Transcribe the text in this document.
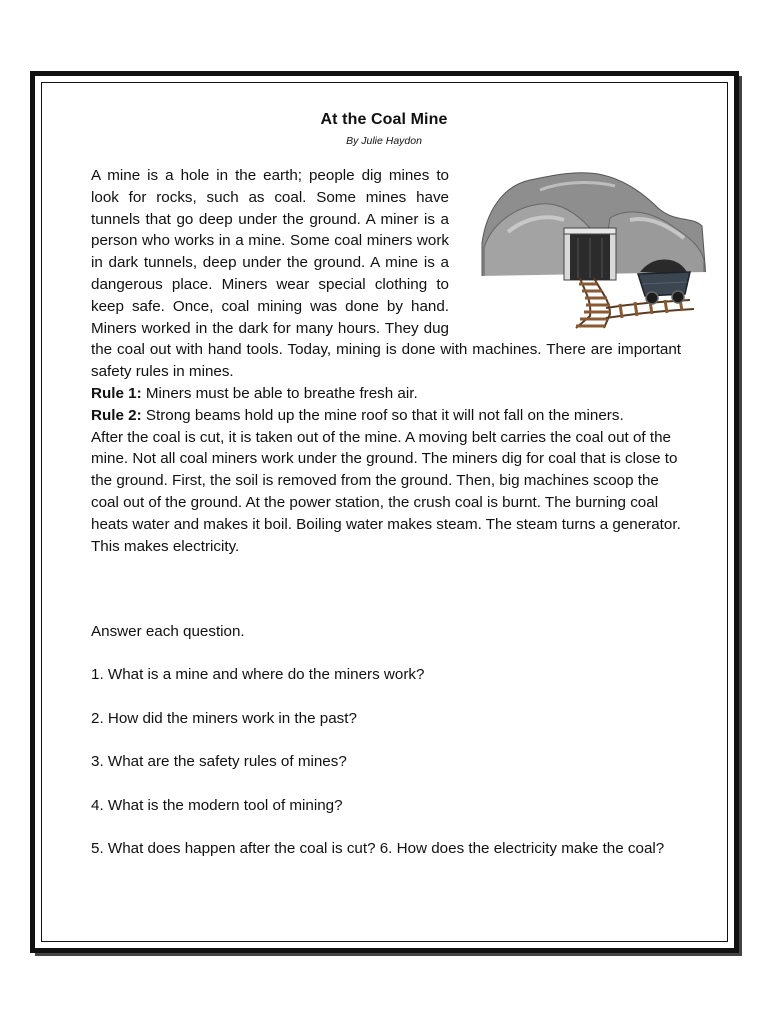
At the Coal Mine
By Julie Haydon

A mine is a hole in the earth; people dig mines to look for rocks, such as coal. Some mines have tunnels that go deep under the ground. A miner is a person who works in a mine. Some coal miners work in dark tunnels, deep under the ground. A mine is a dangerous place. Miners wear special clothing to keep safe. Once, coal mining was done by hand. Miners worked in the dark for many hours. They dug the coal out with hand tools. Today, mining is done with machines. There are important safety rules in mines.

Rule 1: Miners must be able to breathe fresh air.

Rule 2: Strong beams hold up the mine roof so that it will not fall on the miners.

After the coal is cut, it is taken out of the mine. A moving belt carries the coal out of the mine. Not all coal miners work under the ground. The miners dig for coal that is close to the ground. First, the soil is removed from the ground. Then, big machines scoop the coal out of the ground. At the power station, the crush coal is burnt. The burning coal heats water and makes it boil. Boiling water makes steam. The steam turns a generator. This makes electricity.

Answer each question.

1. What is a mine and where do the miners work?

2. How did the miners work in the past?

3. What are the safety rules of mines?

4. What is the modern tool of mining?

5. What does happen after the coal is cut? 6. How does the electricity make the coal?
